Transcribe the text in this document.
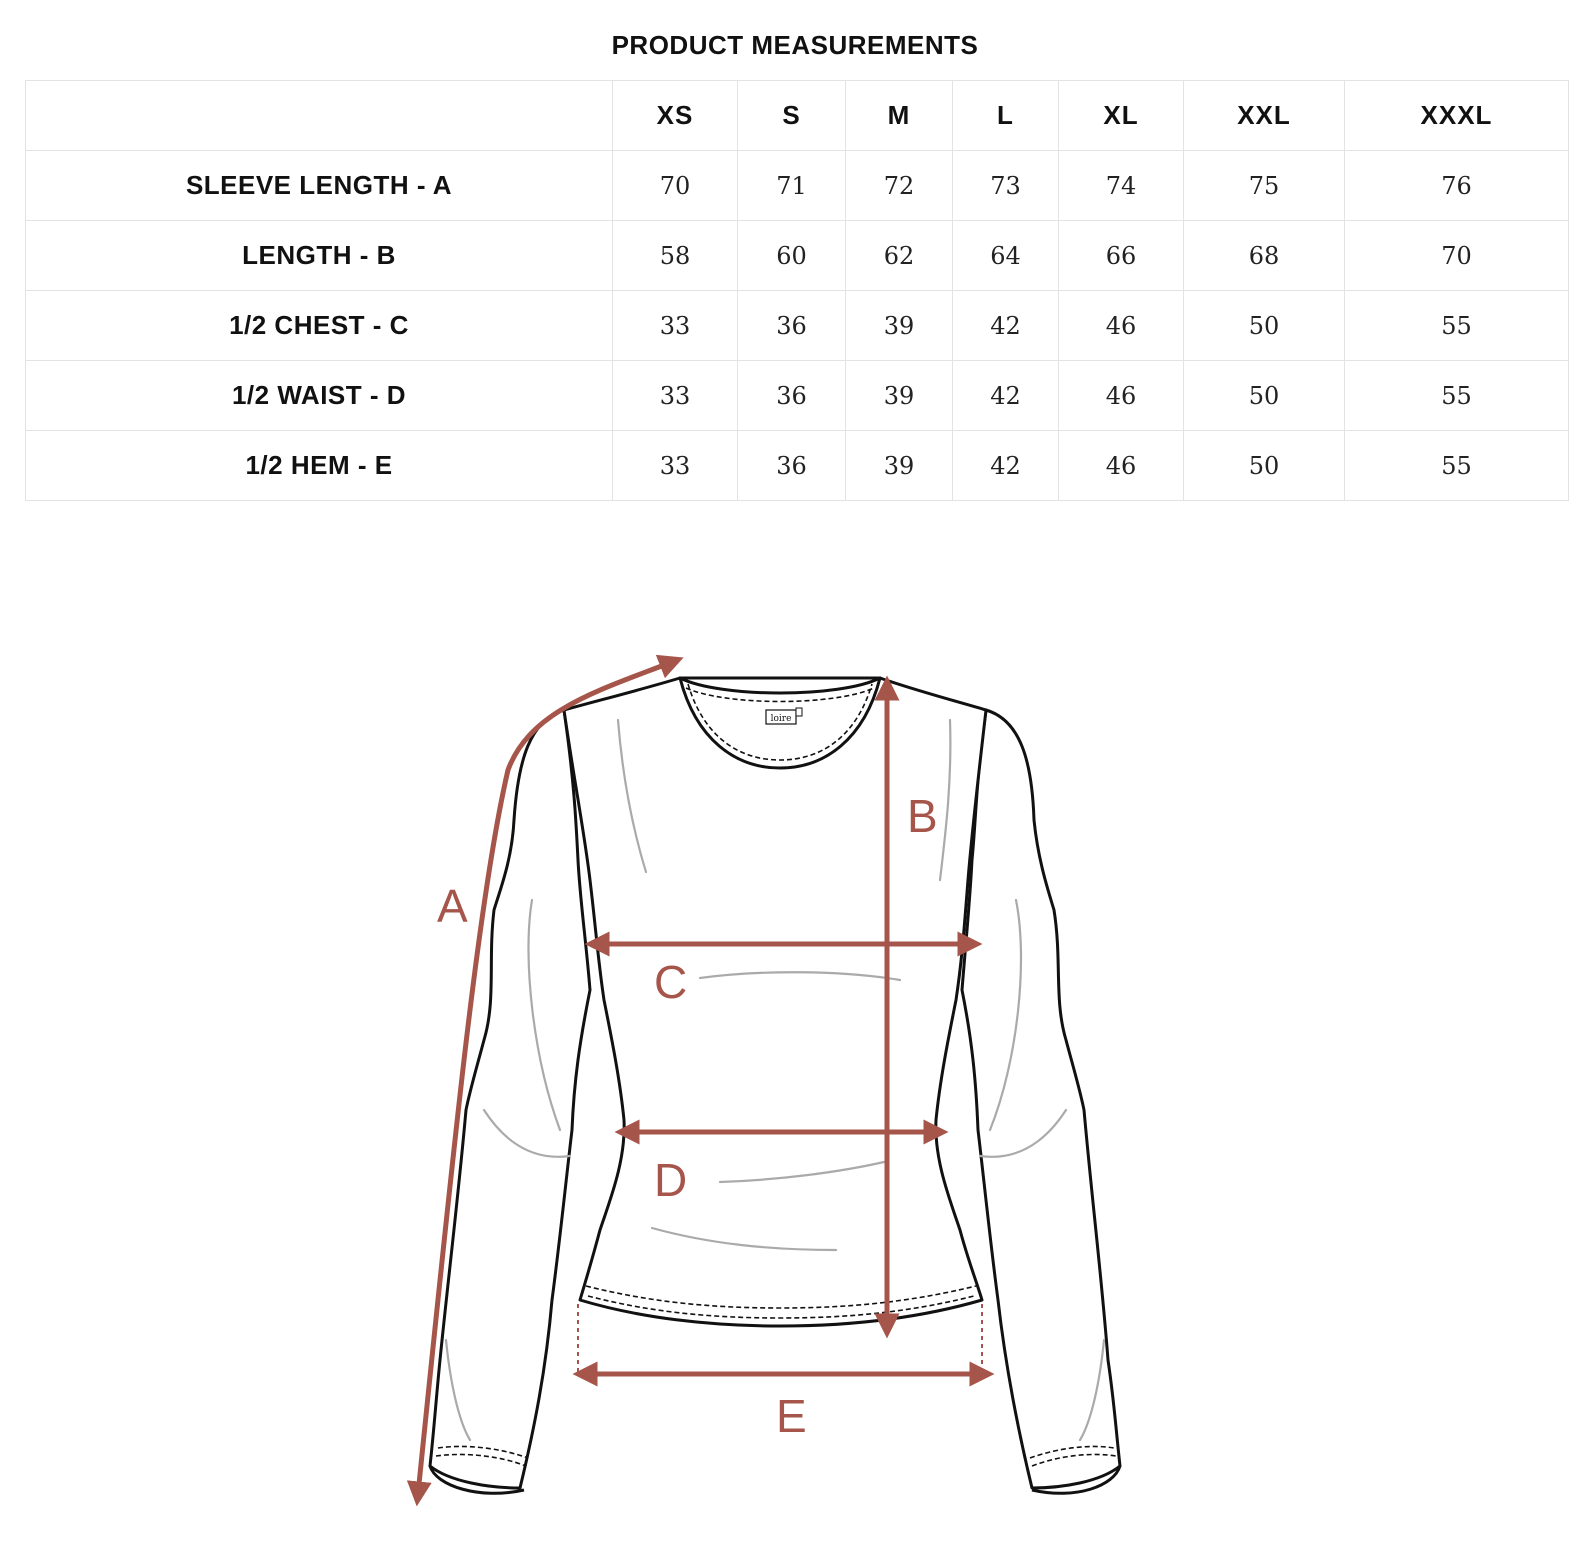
PRODUCT MEASUREMENTS
	XS	S	M	L	XL	XXL	XXXL
SLEEVE LENGTH - A	70	71	72	73	74	75	76
LENGTH - B	58	60	62	64	66	68	70
1/2 CHEST - C	33	36	39	42	46	50	55
1/2 WAIST - D	33	36	39	42	46	50	55
1/2 HEM - E	33	36	39	42	46	50	55
loire
A
B
C
D
E
